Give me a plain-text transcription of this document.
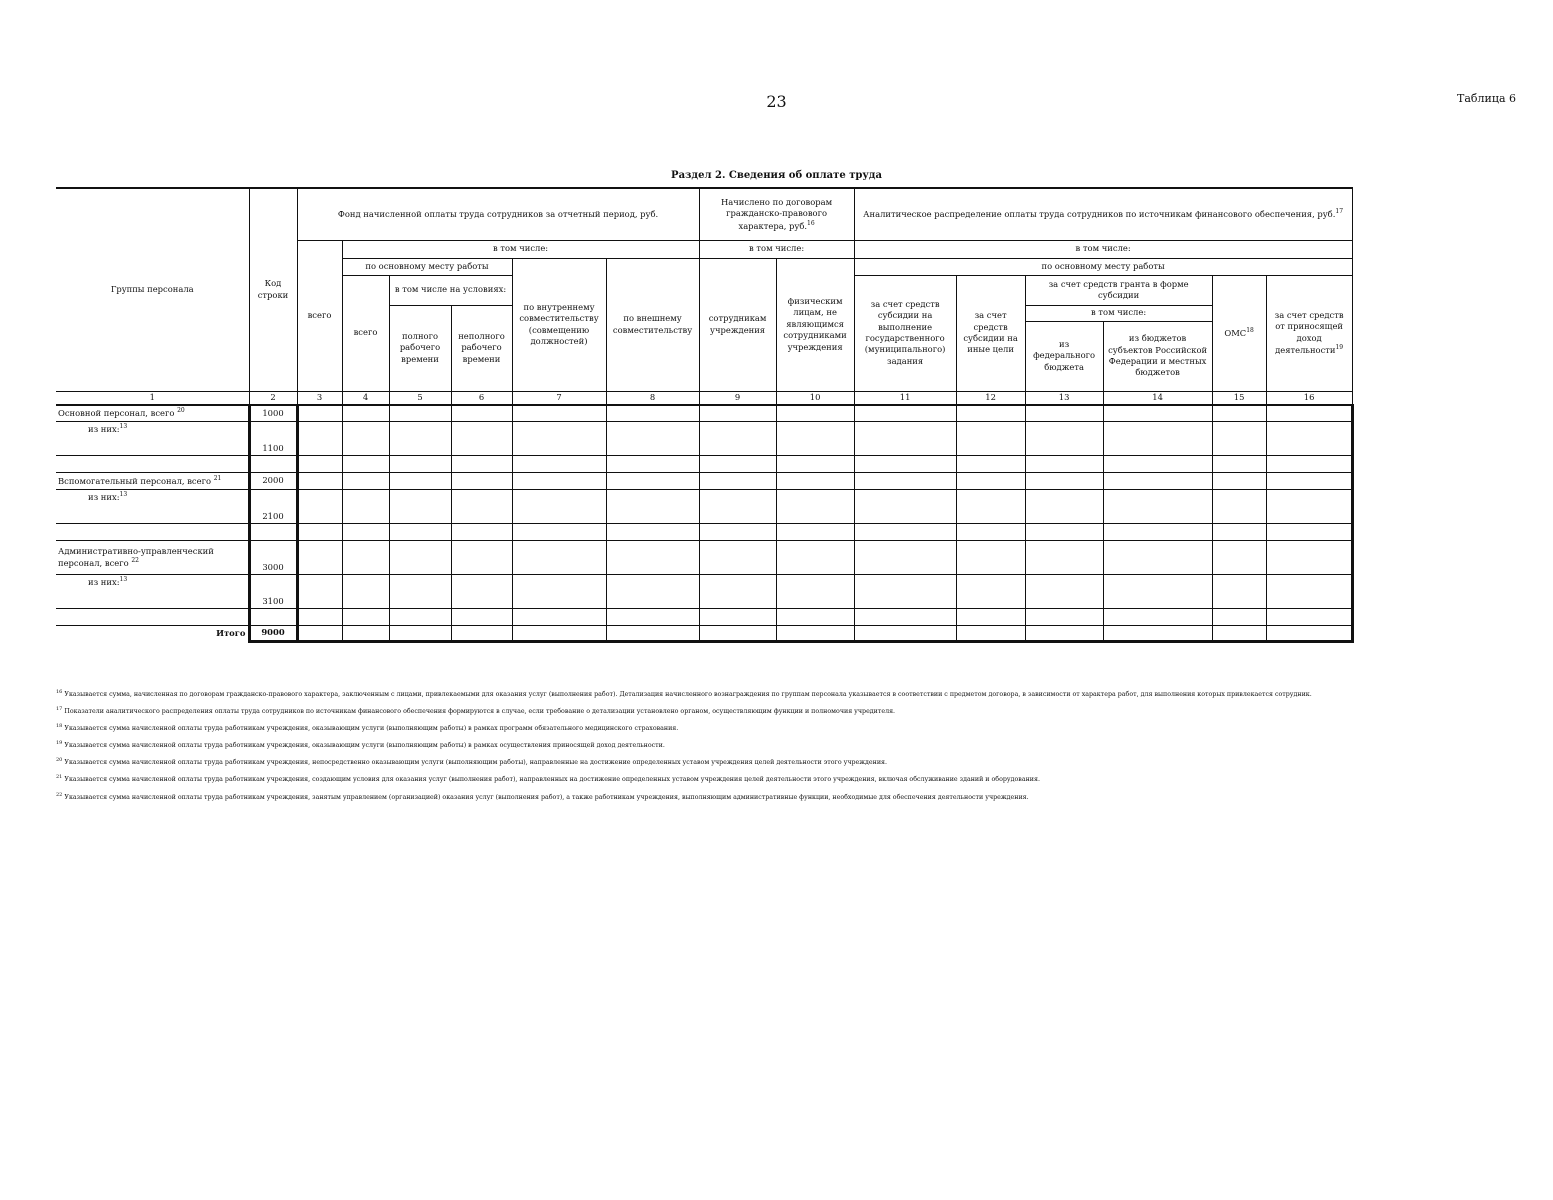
23	Таблица 6
Раздел 2. Сведения об оплате труда
Группы персонала	Код строки	Фонд начисленной оплаты труда сотрудников за отчетный период, руб.						Начислено по договорам гражданско-правового характера, руб.$^{16}$		Аналитическое распределение оплаты труда сотрудников по источникам финансового обеспечения, руб.$^{17}$
		всего	в том числе:					в том числе:		в том числе:					
			по основному месту работы			по внутреннему совместительству (совмещению должностей)	по внешнему совместительству	сотрудникам учреждения	физическим лицам, не являющимся сотрудниками учреждения	по основному месту работы					
			всего	в том числе на условиях:						за счет средств субсидии на выполнение государственного (муниципального) задания	за счет средств субсидии на иные цели	за счет средств гранта в форме субсидии		ОМС$^{18}$	за счет средств от приносящей доход деятельности$^{19}$
				полного рабочего времени	неполного рабочего времени							в том числе:			
												из федерального бюджета	из бюджетов субъектов Российской Федерации и местных бюджетов		
1	2	3	4	5	6	7	8	9	10	11	12	13	14	15	16
Основной персонал, всего $^{20}$	1000														
из них:$^{13}$	1100														

Вспомогательный персонал, всего $^{21}$	2000														
из них:$^{13}$	2100														

Административно-управленческий персонал, всего $^{22}$	3000														
из них:$^{13}$	3100														

Итого	9000														
$^{16}$ Указывается сумма, начисленная по договорам гражданско-правового характера, заключенным с лицами, привлекаемыми для оказания услуг (выполнения работ). Детализация начисленного вознаграждения по группам персонала указывается в соответствии с предметом договора, в зависимости от характера работ, для выполнения которых привлекается сотрудник.
$^{17}$ Показатели аналитического распределения оплаты труда сотрудников по источникам финансового обеспечения формируются в случае, если требование о детализации установлено органом, осуществляющим функции и полномочия учредителя.
$^{18}$ Указывается сумма начисленной оплаты труда работникам учреждения, оказывающим услуги (выполняющим работы) в рамках программ обязательного медицинского страхования.
$^{19}$ Указывается сумма начисленной оплаты труда работникам учреждения, оказывающим услуги (выполняющим работы) в рамках осуществления приносящей доход деятельности.
$^{20}$ Указывается сумма начисленной оплаты труда работникам учреждения, непосредственно оказывающим услуги (выполняющим работы), направленные на достижение определенных уставом учреждения целей деятельности этого учреждения.
$^{21}$ Указывается сумма начисленной оплаты труда работникам учреждения, создающим условия для оказания услуг (выполнения работ), направленных на достижение определенных уставом учреждения целей деятельности этого учреждения, включая обслуживание зданий и оборудования.
$^{22}$ Указывается сумма начисленной оплаты труда работникам учреждения, занятым управлением (организацией) оказания услуг (выполнения работ), а также работникам учреждения, выполняющим административные функции, необходимые для обеспечения деятельности учреждения.
